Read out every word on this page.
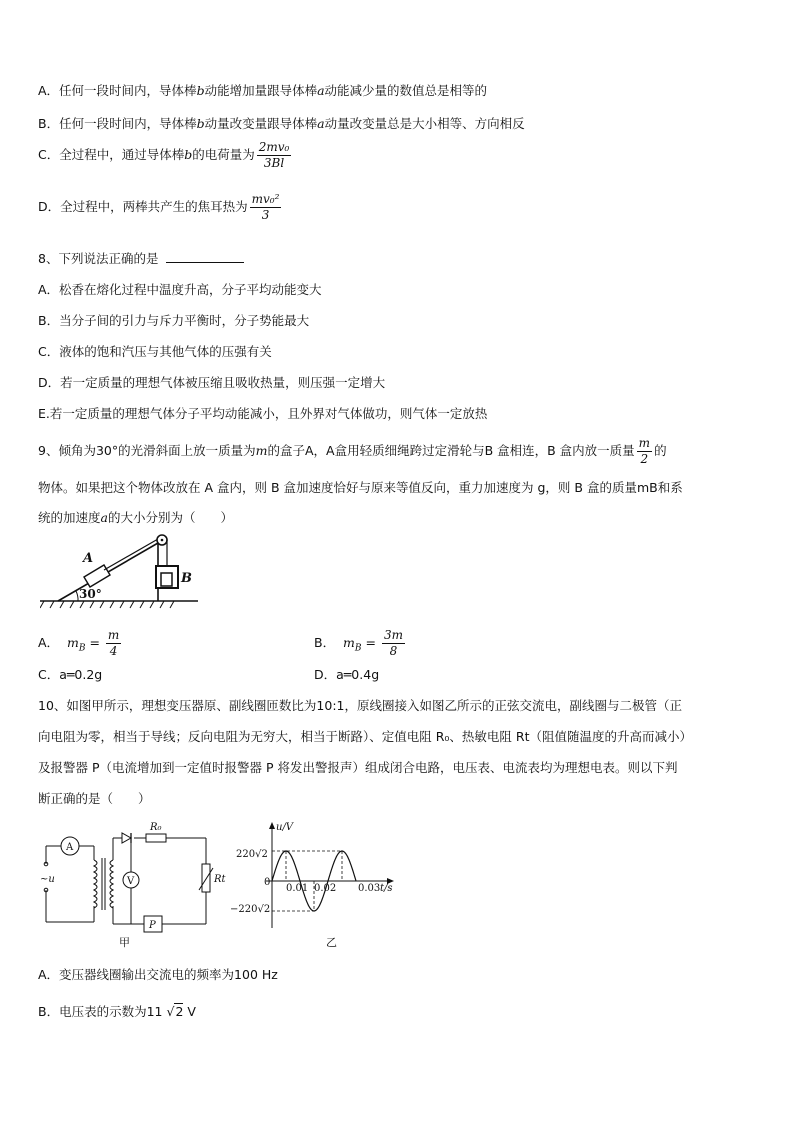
A．任何一段时间内，导体棒b动能增加量跟导体棒a动能减少量的数值总是相等的
B．任何一段时间内，导体棒b动量改变量跟导体棒a动量改变量总是大小相等、方向相反
C．全过程中，通过导体棒b的电荷量为 $\frac{\text{2mv₀}}{3Bl}$
D．全过程中，两棒共产生的焦耳热为 $\frac{\text{mv₀²}}{3}$
8、下列说法正确的是
A．松香在熔化过程中温度升高，分子平均动能变大
B．当分子间的引力与斥力平衡时，分子势能最大
C．液体的饱和汽压与其他气体的压强有关
D．若一定质量的理想气体被压缩且吸收热量，则压强一定增大
E.若一定质量的理想气体分子平均动能减小，且外界对气体做功，则气体一定放热
9、倾角为30°的光滑斜面上放一质量为m的盒子A，A盒用轻质细绳跨过定滑轮与B 盒相连，B 盒内放一质量 $\frac{m}{2}$ 的
物体。如果把这个物体改放在 A 盒内，则 B 盒加速度恰好与原来等值反向，重力加速度为 g，则 B 盒的质量mB和系
统的加速度a的大小分别为（　　）
A
B
30°
A． $m_B = \frac{m}{4}$	B． $m_B = \frac{3m}{8}$
C．a═0.2g	D．a═0.4g
10、如图甲所示，理想变压器原、副线圈匝数比为10:1，原线圈接入如图乙所示的正弦交流电，副线圈与二极管（正
向电阻为零，相当于导线；反向电阻为无穷大，相当于断路）、定值电阻 R₀、热敏电阻 Rt（阻值随温度的升高而减小）
及报警器 P（电流增加到一定值时报警器 P 将发出警报声）组成闭合电路，电压表、电流表均为理想电表。则以下判
断正确的是（　　）
A
V
~u
R₀
Rt
P
甲
u/V
t/s
220√2
−220√2
0
0.01 0.02 0.03
乙
A．变压器线圈输出交流电的频率为100 Hz
B．电压表的示数为11 √2 V
